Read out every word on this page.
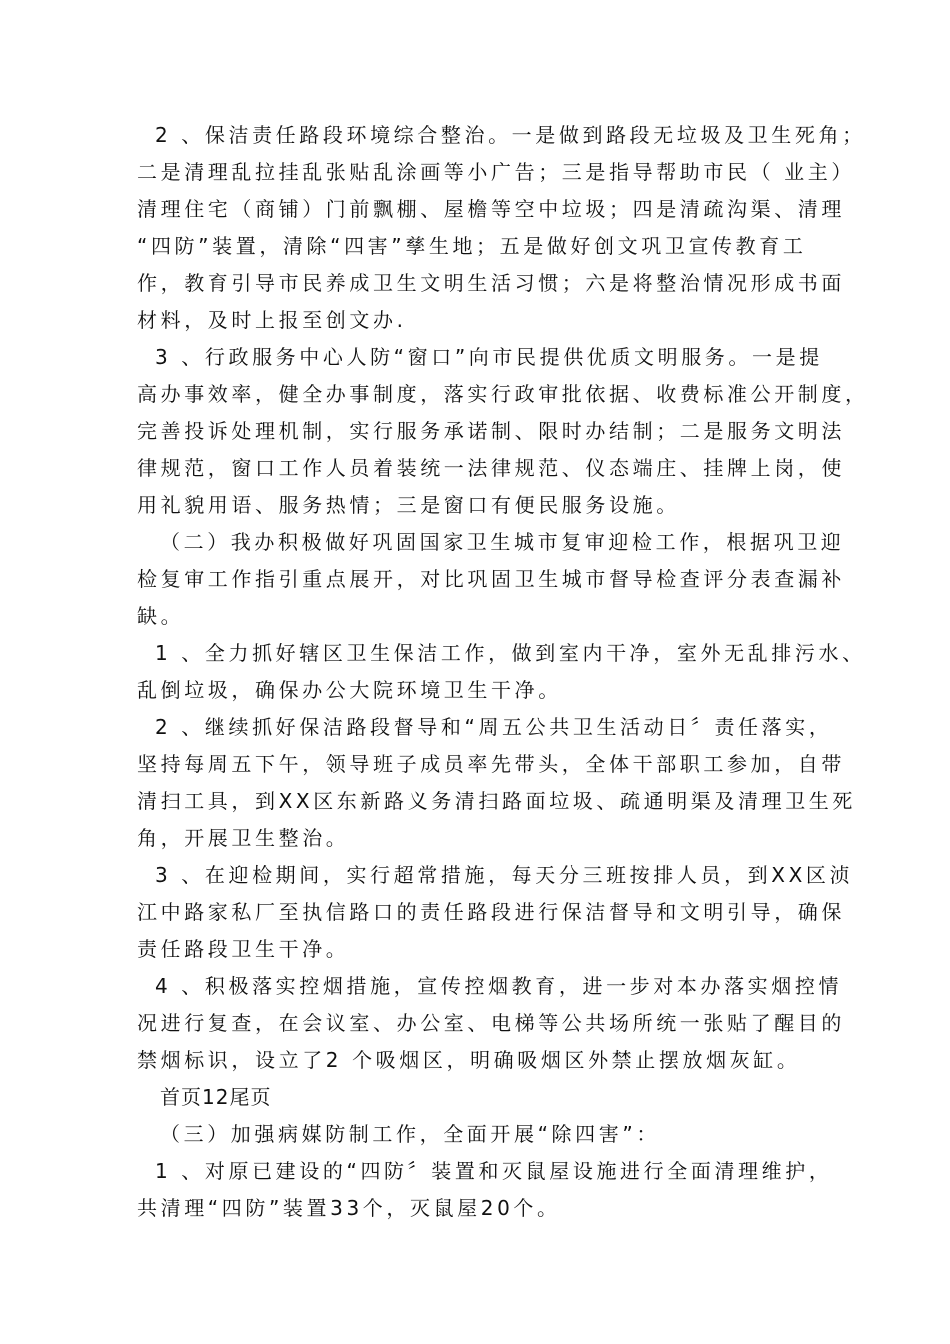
2 、保洁责任路段环境综合整治。一是做到路段无垃圾及卫生死角；
二是清理乱拉挂乱张贴乱涂画等小广告；三是指导帮助市民（ 业主）
清理住宅（商铺）门前飘棚、屋檐等空中垃圾；四是清疏沟渠、清理
“四防”装置，清除“四害”孳生地；五是做好创文巩卫宣传教育工
作，教育引导市民养成卫生文明生活习惯；六是将整治情况形成书面
材料，及时上报至创文办.
3 、行政服务中心人防“窗口”向市民提供优质文明服务。一是提
高办事效率，健全办事制度，落实行政审批依据、收费标准公开制度，
完善投诉处理机制，实行服务承诺制、限时办结制；二是服务文明法
律规范，窗口工作人员着装统一法律规范、仪态端庄、挂牌上岗，使
用礼貌用语、服务热情；三是窗口有便民服务设施。
（二）我办积极做好巩固国家卫生城市复审迎检工作，根据巩卫迎
检复审工作指引重点展开，对比巩固卫生城市督导检查评分表查漏补
缺。
1 、全力抓好辖区卫生保洁工作，做到室内干净，室外无乱排污水、
乱倒垃圾，确保办公大院环境卫生干净。
2 、继续抓好保洁路段督导和“周五公共卫生活动日〞责任落实，
坚持每周五下午，领导班子成员率先带头，全体干部职工参加，自带
清扫工具，到XX区东新路义务清扫路面垃圾、疏通明渠及清理卫生死
角，开展卫生整治。
3 、在迎检期间，实行超常措施，每天分三班按排人员，到XX区浈
江中路家私厂至执信路口的责任路段进行保洁督导和文明引导，确保
责任路段卫生干净。
4 、积极落实控烟措施，宣传控烟教育，进一步对本办落实烟控情
况进行复查，在会议室、办公室、电梯等公共场所统一张贴了醒目的
禁烟标识，设立了2 个吸烟区，明确吸烟区外禁止摆放烟灰缸。
首页12尾页
（三）加强病媒防制工作，全面开展“除四害”：
1 、对原已建设的“四防〞装置和灭鼠屋设施进行全面清理维护，
共清理“四防”装置33个，灭鼠屋20个。
